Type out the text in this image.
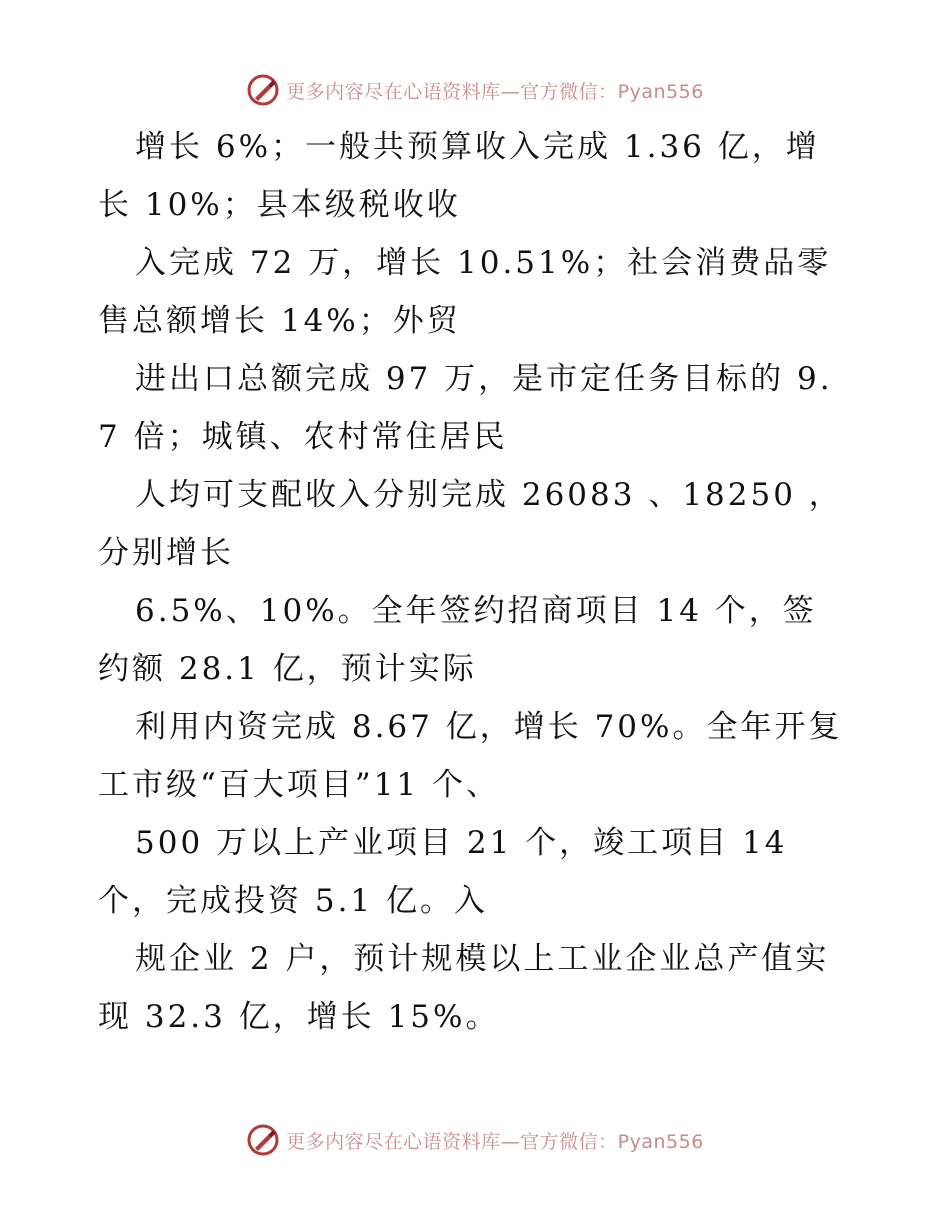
更多内容尽在心语资料库—官方微信：Pyan556

增长 6%；一般共预算收入完成 1.36 亿，增长 10%；县本级税收收

入完成 72 万，增长 10.51%；社会消费品零售总额增长 14%；外贸

进出口总额完成 97 万，是市定任务目标的 9.7 倍；城镇、农村常住居民

人均可支配收入分别完成 26083 、18250 ，分别增长

6.5%、10%。全年签约招商项目 14 个，签约额 28.1 亿，预计实际

利用内资完成 8.67 亿，增长 70%。全年开复工市级“百大项目”11 个、

500 万以上产业项目 21 个，竣工项目 14 个，完成投资 5.1 亿。入

规企业 2 户，预计规模以上工业企业总产值实现 32.3 亿，增长 15%。

更多内容尽在心语资料库—官方微信：Pyan556
